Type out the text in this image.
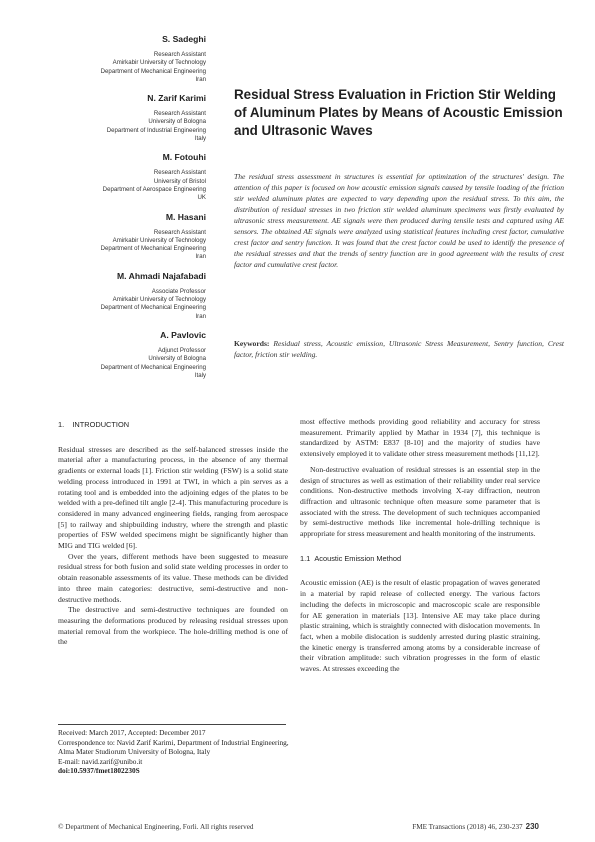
S. Sadeghi
Research Assistant
Amirkabir University of Technology
Department of Mechanical Engineering
Iran
N. Zarif Karimi
Research Assistant
University of Bologna
Department of Industrial Engineering
Italy
M. Fotouhi
Research Assistant
University of Bristol
Department of Aerospace Engineering
UK
M. Hasani
Research Assistant
Amirkabir University of Technology
Department of Mechanical Engineering
Iran
M. Ahmadi Najafabadi
Associate Professor
Amirkabir University of Technology
Department of Mechanical Engineering
Iran
A. Pavlovic
Adjunct Professor
University of Bologna
Department of Mechanical Engineering
Italy
Residual Stress Evaluation in Friction Stir Welding of Aluminum Plates by Means of Acoustic Emission and Ultrasonic Waves
The residual stress assessment in structures is essential for optimization of the structures' design. The attention of this paper is focused on how acoustic emission signals caused by tensile loading of the friction stir welded aluminum plates are expected to vary depending upon the residual stress. To this aim, the distribution of residual stresses in two friction stir welded aluminum specimens was firstly evaluated by ultrasonic stress measurement. AE signals were then produced during tensile tests and captured using AE sensors. The obtained AE signals were analyzed using statistical features including crest factor, cumulative crest factor and sentry function. It was found that the crest factor could be used to identify the presence of the residual stresses and that the trends of sentry function are in good agreement with the results of crest factor and cumulative crest factor.
Keywords: Residual stress, Acoustic emission, Ultrasonic Stress Measurement, Sentry function, Crest factor, friction stir welding.
1.    INTRODUCTION

Residual stresses are described as the self-balanced stresses inside the material after a manufacturing process, in the absence of any thermal gradients or external loads [1]. Friction stir welding (FSW) is a solid state welding process introduced in 1991 at TWI, in which a pin serves as a rotating tool and is embedded into the adjoining edges of the plates to be welded with a pre-defined tilt angle [2-4]. This manufacturing procedure is considered in many advanced engineering fields, ranging from aerospace [5] to railway and shipbuilding industry, where the strength and plastic properties of FSW welded specimens might be significantly higher than MIG and TIG welded [6].

Over the years, different methods have been suggested to measure residual stress for both fusion and solid state welding processes in order to obtain reasonable assessments of its value. These methods can be divided into three main categories: destructive, semi-destructive and non-destructive methods.

The destructive and semi-destructive techniques are founded on measuring the deformations produced by releasing residual stresses upon material removal from the workpiece. The hole-drilling method is one of the

most effective methods providing good reliability and accuracy for stress measurement. Primarily applied by Mathar in 1934 [7], this technique is standardized by ASTM: E837 [8-10] and the majority of studies have extensively employed it to validate other stress measurement methods [11,12].

Non-destructive evaluation of residual stresses is an essential step in the design of structures as well as estimation of their reliability under real service conditions. Non-destructive methods involving X-ray diffraction, neutron diffraction and ultrasonic technique often measure some parameter that is associated with the stress. The development of such techniques accompanied by semi-destructive methods like incremental hole-drilling technique is appropriate for stress measurement and health monitoring of the instruments.

1.1  Acoustic Emission Method

Acoustic emission (AE) is the result of elastic propagation of waves generated in a material by rapid release of collected energy. The various factors including the defects in microscopic and macroscopic scale are responsible for AE generation in materials [13]. Intensive AE may take place during plastic straining, which is straightly connected with dislocation movements. In fact, when a mobile dislocation is suddenly arrested during plastic straining, the kinetic energy is transferred among atoms by a considerable increase of their vibration amplitude: such vibration progresses in the form of elastic waves. At stresses exceeding the

Received: March 2017, Accepted: December 2017
Correspondence to: Navid Zarif Karimi, Department of Industrial Engineering, Alma Mater Studiorum University of Bologna, Italy
E-mail: navid.zarif@unibo.it
doi:10.5937/fmet1802230S
© Department of Mechanical Engineering, Forli. All rights reserved	FME Transactions (2018) 46, 230-237 230
